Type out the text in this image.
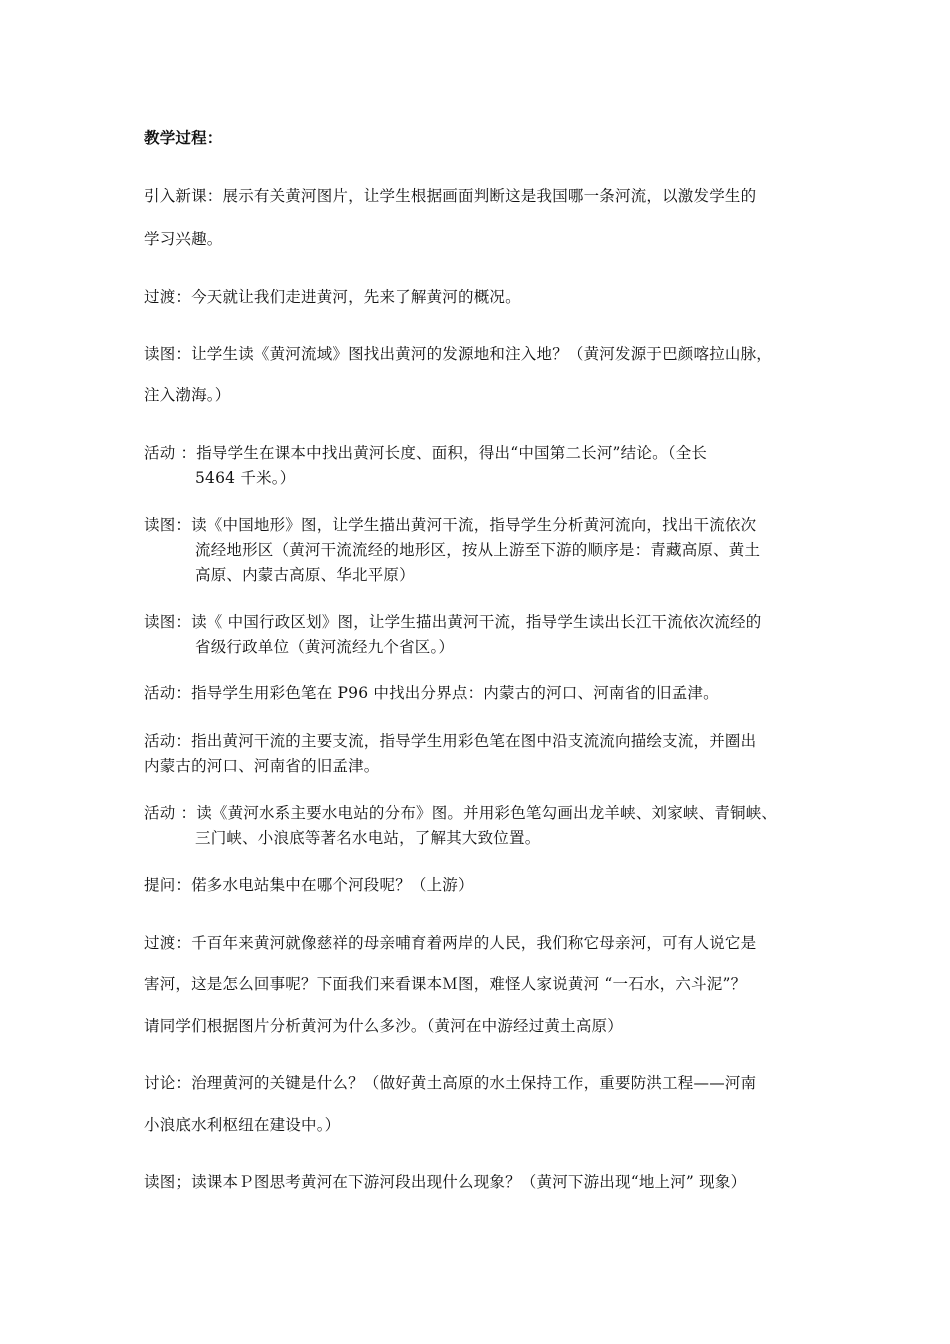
教学过程：
引入新课：展示有关黄河图片，让学生根据画面判断这是我国哪一条河流，以激发学生的
学习兴趣。
过渡：今天就让我们走进黄河，先来了解黄河的概况。
读图：让学生读《黄河流域》图找出黄河的发源地和注入地？（黄河发源于巴颜喀拉山脉，
注入渤海。）
活动 ：指导学生在课本中找出黄河长度、面积，得出“中国第二长河”结论。（全长
5464 千米。）
读图：读《中国地形》图，让学生描出黄河干流，指导学生分析黄河流向，找出干流依次
流经地形区（黄河干流流经的地形区，按从上游至下游的顺序是：青藏高原、黄土
高原、内蒙古高原、华北平原）
读图：读《 中国行政区划》图，让学生描出黄河干流，指导学生读出长江干流依次流经的
省级行政单位（黄河流经九个省区。）
活动：指导学生用彩色笔在 P96 中找出分界点：内蒙古的河口、河南省的旧孟津。
活动：指出黄河干流的主要支流，指导学生用彩色笔在图中沿支流流向描绘支流，并圈出
内蒙古的河口、河南省的旧孟津。
活动 ：读《黄河水系主要水电站的分布》图。并用彩色笔勾画出龙羊峡、刘家峡、青铜峡、
三门峡、小浪底等著名水电站，了解其大致位置。
提问：偌多水电站集中在哪个河段呢？（上游）
过渡：千百年来黄河就像慈祥的母亲哺育着两岸的人民，我们称它母亲河，可有人说它是
害河，这是怎么回事呢？下面我们来看课本Ｍ图，难怪人家说黄河 “一石水，六斗泥”？
请同学们根据图片分析黄河为什么多沙。（黄河在中游经过黄土高原）
讨论：治理黄河的关键是什么？（做好黄土高原的水土保持工作，重要防洪工程——河南
小浪底水利枢纽在建设中。）
读图；读课本Ｐ图思考黄河在下游河段出现什么现象？（黄河下游出现“地上河” 现象）
